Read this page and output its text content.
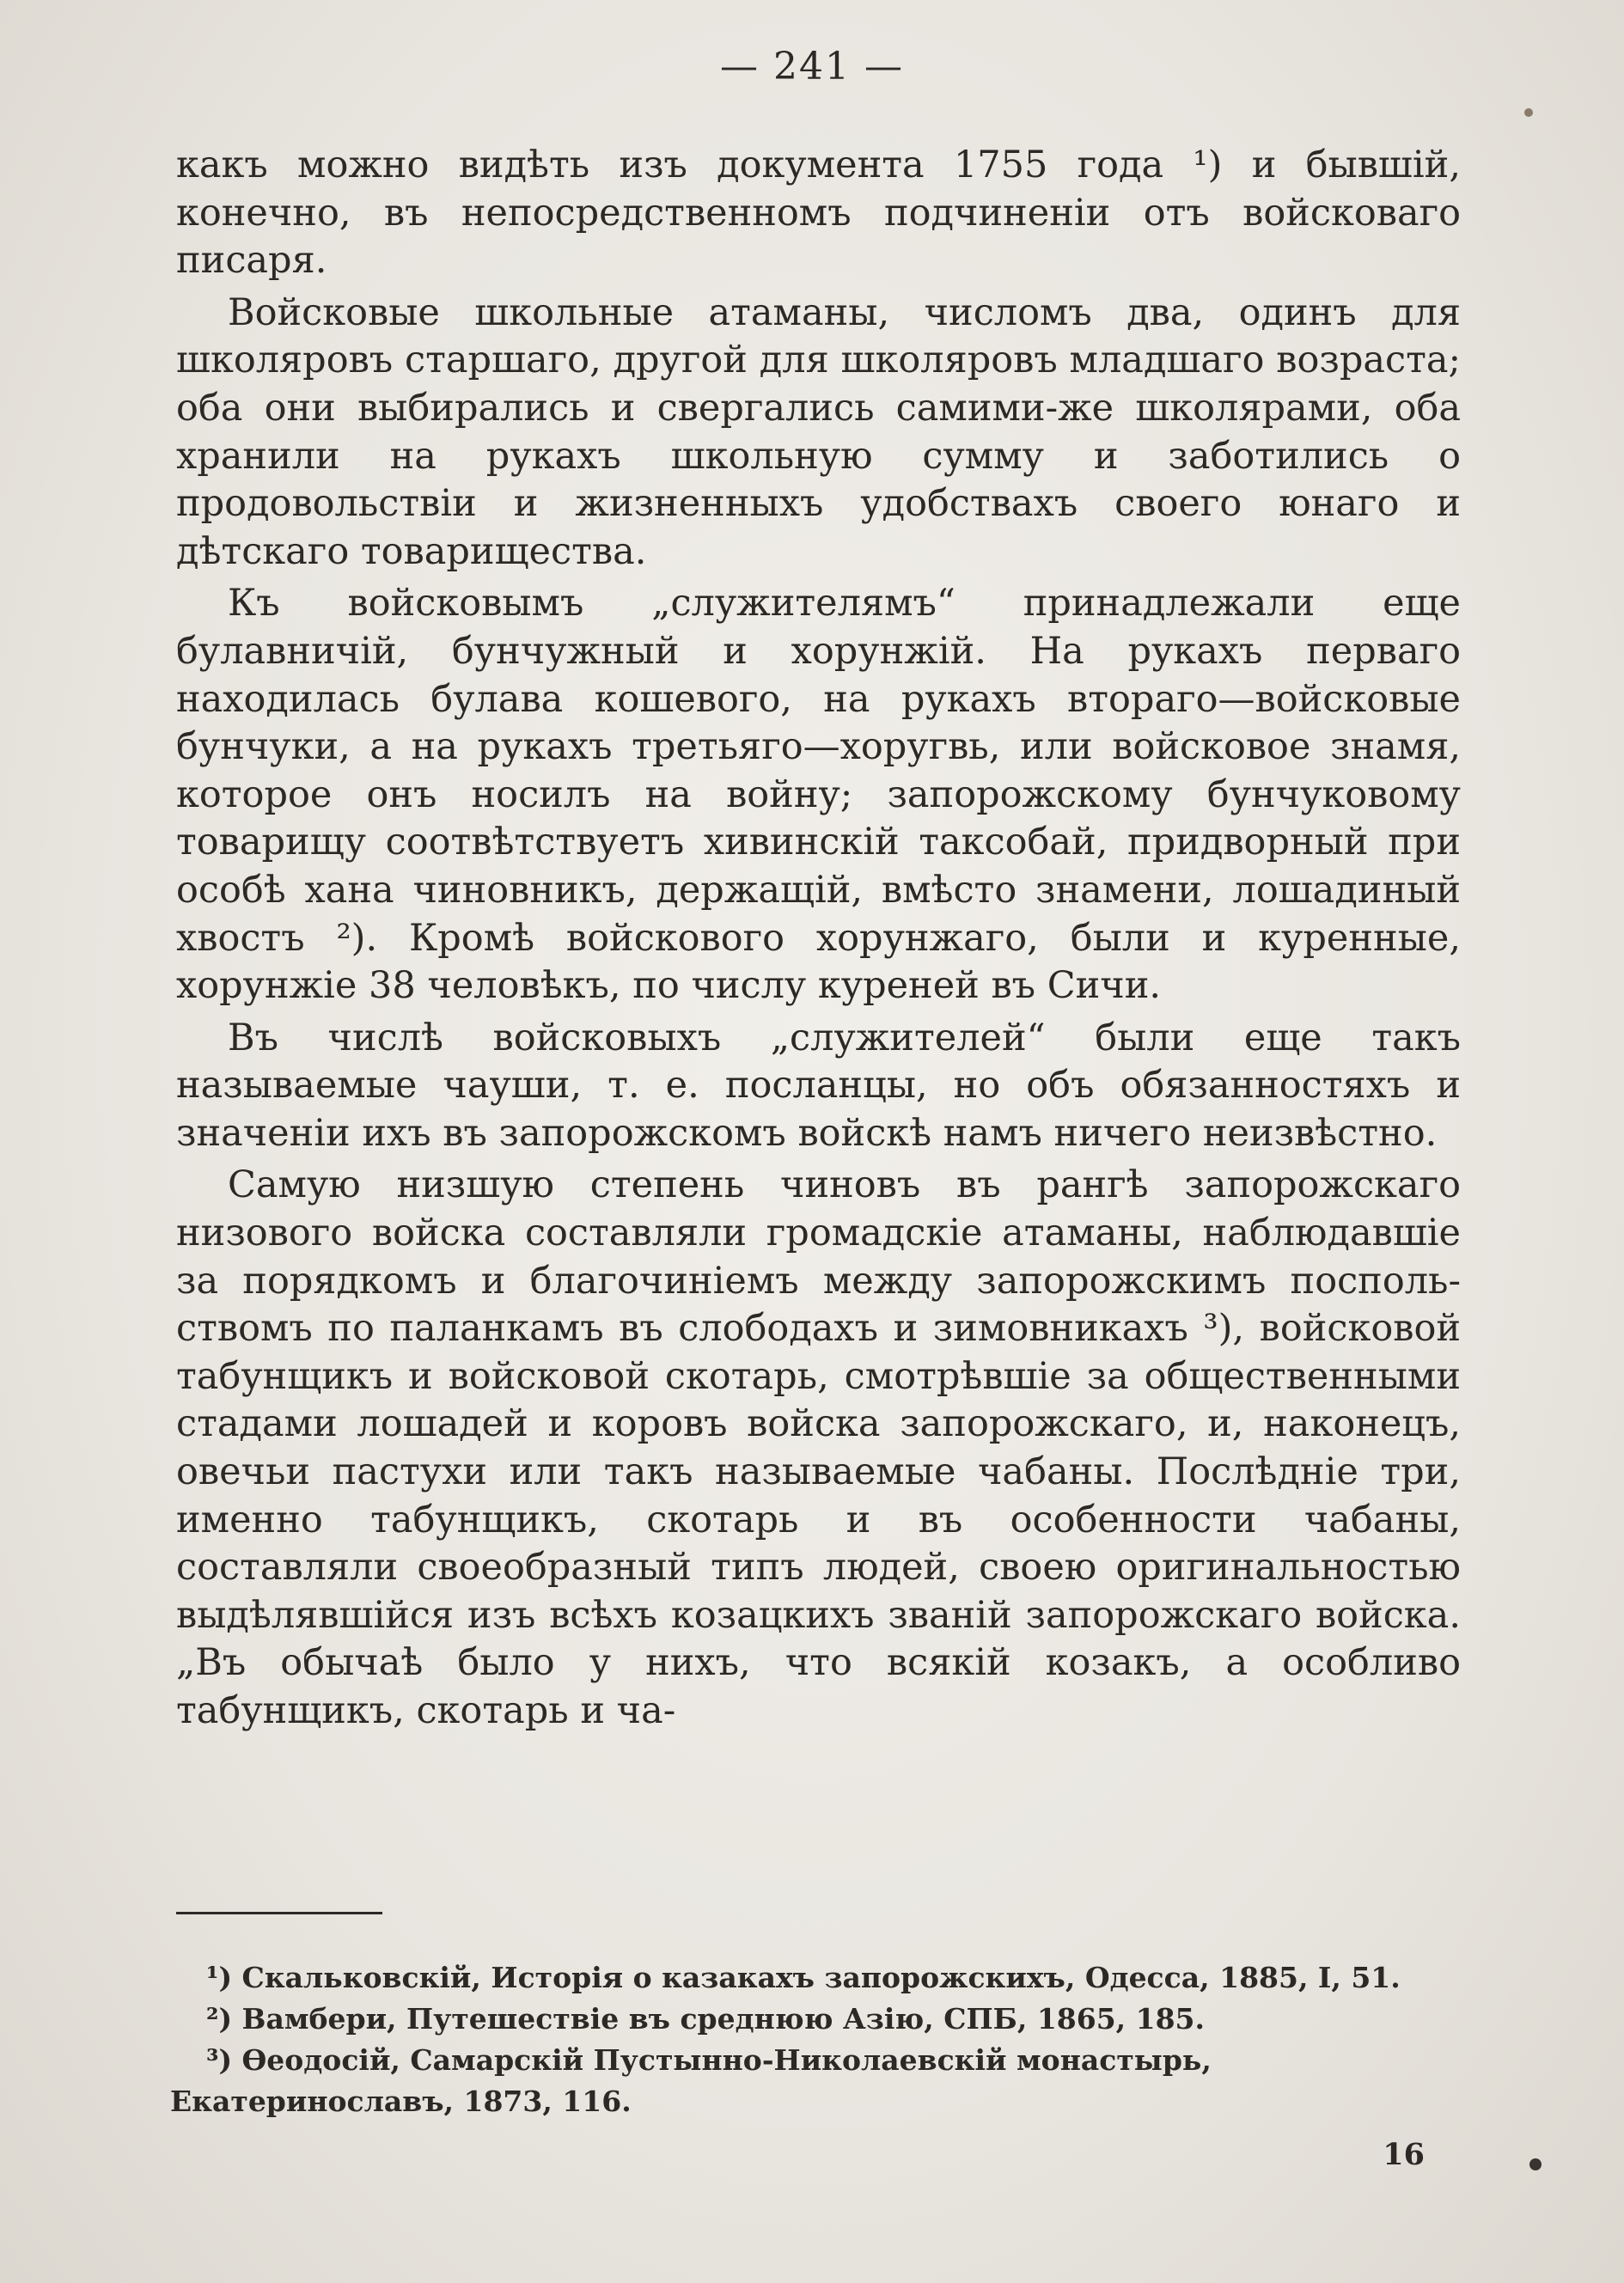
— 241 —

какъ можно видѣть изъ документа 1755 года ¹) и бывшій, конечно, въ непосредственномъ подчиненіи отъ войсковаго писаря.

Войсковые школьные атаманы, числомъ два, одинъ для школяровъ старшаго, другой для школяровъ младшаго возраста; оба они выбирались и свергались самими-же школярами, оба хранили на рукахъ школьную сумму и заботились о продовольствіи и жизненныхъ удобствахъ своего юнаго и дѣтскаго товарищества.

Къ войсковымъ „служителямъ“ принадлежали еще булавничій, бунчужный и хорунжій. На рукахъ перваго находилась булава кошевого, на рукахъ втораго—войсковые бунчуки, а на рукахъ третьяго—хоругвь, или войсковое знамя, которое онъ носилъ на войну; запорожскому бунчуковому товарищу соотвѣтствуетъ хивинскій таксобай, придворный при особѣ хана чиновникъ, держащій, вмѣсто знамени, лошадиный хвостъ ²). Кромѣ войскового хорунжаго, были и куренные, хорунжіе 38 человѣкъ, по числу куреней въ Сичи.

Въ числѣ войсковыхъ „служителей“ были еще такъ называемые чауши, т. е. посланцы, но объ обязанностяхъ и значеніи ихъ въ запорожскомъ войскѣ намъ ничего неизвѣстно.

Самую низшую степень чиновъ въ рангѣ запорожскаго низового войска составляли громадскіе атаманы, наблюдавшіе за порядкомъ и благочиніемъ между запорожскимъ поспольствомъ по паланкамъ въ слободахъ и зимовникахъ ³), войсковой табунщикъ и войсковой скотарь, смотрѣвшіе за общественными стадами лошадей и коровъ войска запорожскаго, и, наконецъ, овечьи пастухи или такъ называемые чабаны. Послѣдніе три, именно табунщикъ, скотарь и въ особенности чабаны, составляли своеобразный типъ людей, своею оригинальностью выдѣлявшійся изъ всѣхъ козацкихъ званій запорожскаго войска. „Въ обычаѣ было у нихъ, что всякій козакъ, а особливо табунщикъ, скотарь и ча-

¹) Скальковскій, Исторія о казакахъ запорожскихъ, Одесса, 1885, I, 51.

²) Вамбери, Путешествіе въ среднюю Азію, СПБ, 1865, 185.

³) Ѳеодосій, Самарскій Пустынно-Николаевскій монастырь, Екатеринославъ, 1873, 116.

16
